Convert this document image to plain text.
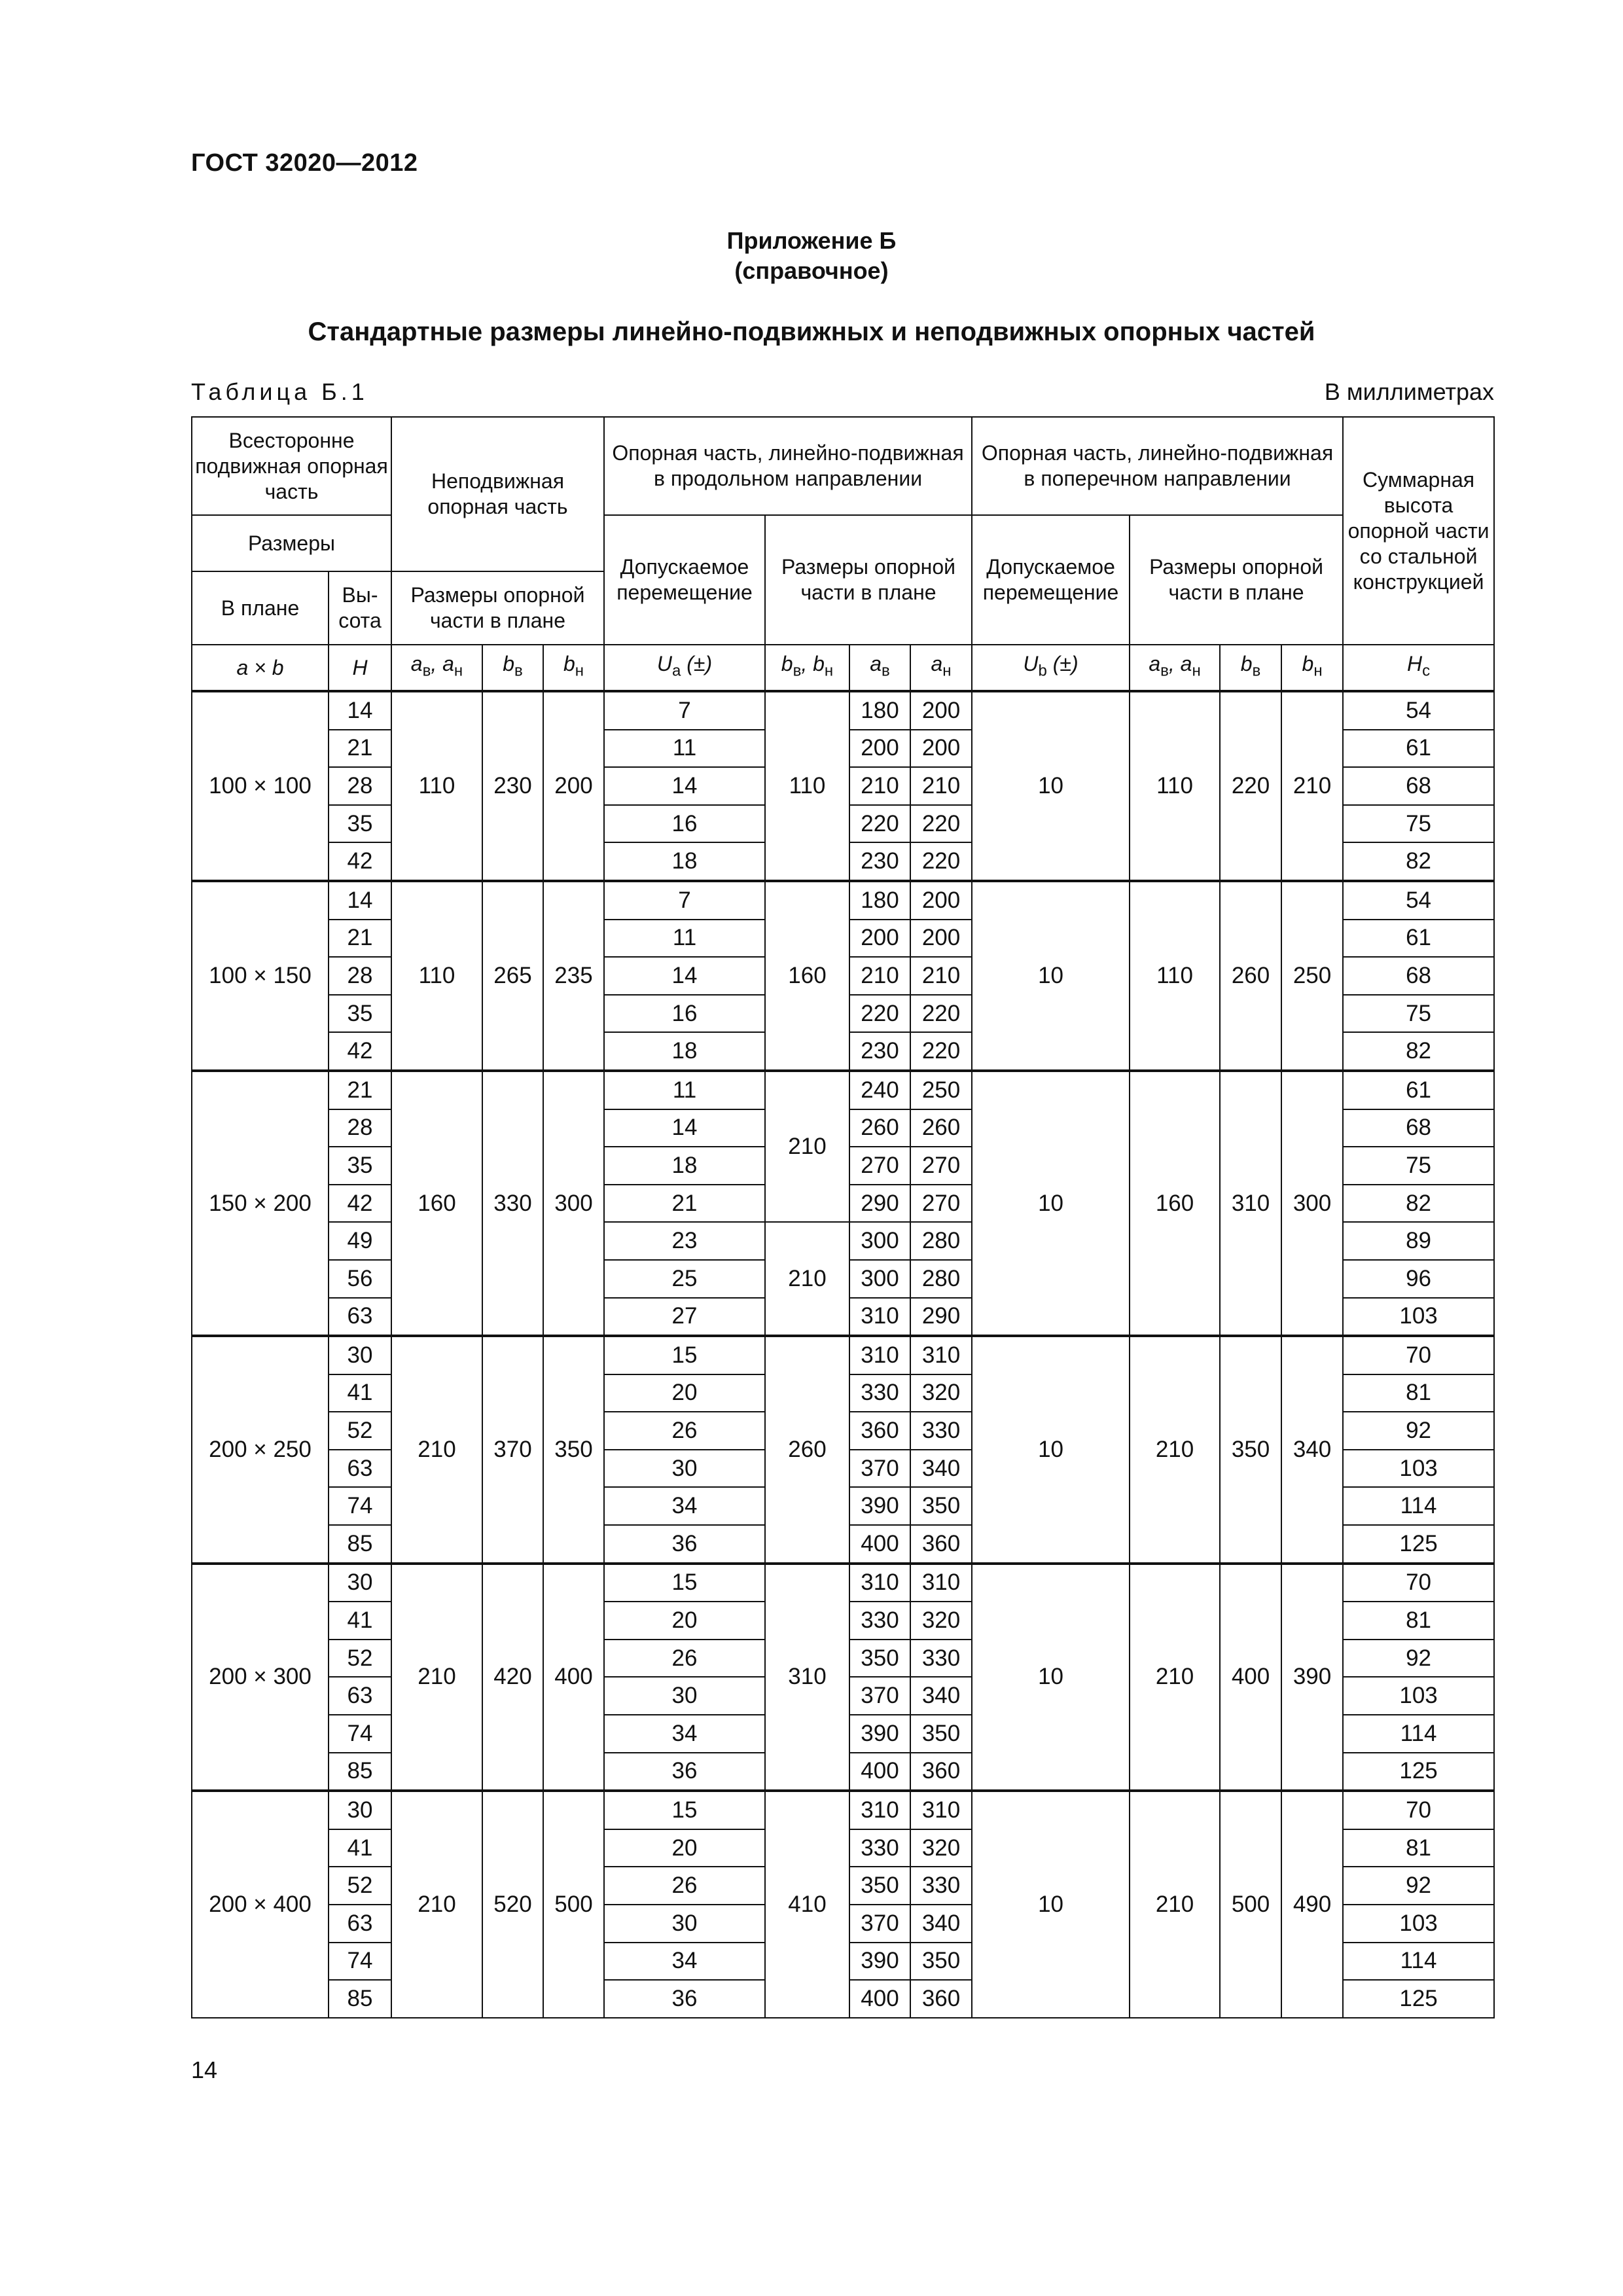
ГОСТ 32020—2012
Приложение Б
(справочное)
Стандартные размеры линейно-подвижных и неподвижных опорных частей
Таблица Б.1	В миллиметрах
Всесторонне подвижная опорная часть		Неподвижная опорная часть			Опорная часть, линейно-подвижная в продольном направлении				Опорная часть, линейно-подвижная в поперечном направлении				Суммарная высота опорной части со стальной конструкцией
Размеры					Допускаемое перемещение	Размеры опорной части в плане			Допускаемое перемещение	Размеры опорной части в плане			
В плане	Вы-сота	Размеры опорной части в плане											
a × b	H	$a_в$, $a_н$	$b_в$	$b_н$	$U_a$ (±)	$b_в$, $b_н$	$a_в$	$a_н$	$U_b$ (±)	$a_в$, $a_н$	$b_в$	$b_н$	$H_c$
100 × 100	14	110	230	200	7	110	180	200	10	110	220	210	54
	21				11		200	200					61
	28				14		210	210					68
	35				16		220	220					75
	42				18		230	220					82
100 × 150	14	110	265	235	7	160	180	200	10	110	260	250	54
	21				11		200	200					61
	28				14		210	210					68
	35				16		220	220					75
	42				18		230	220					82
150 × 200	21	160	330	300	11	210	240	250	10	160	310	300	61
	28				14		260	260					68
	35				18		270	270					75
	42				21		290	270					82
	49				23	210	300	280					89
	56				25		300	280					96
	63				27		310	290					103
200 × 250	30	210	370	350	15	260	310	310	10	210	350	340	70
	41				20		330	320					81
	52				26		360	330					92
	63				30		370	340					103
	74				34		390	350					114
	85				36		400	360					125
200 × 300	30	210	420	400	15	310	310	310	10	210	400	390	70
	41				20		330	320					81
	52				26		350	330					92
	63				30		370	340					103
	74				34		390	350					114
	85				36		400	360					125
200 × 400	30	210	520	500	15	410	310	310	10	210	500	490	70
	41				20		330	320					81
	52				26		350	330					92
	63				30		370	340					103
	74				34		390	350					114
	85				36		400	360					125
14
